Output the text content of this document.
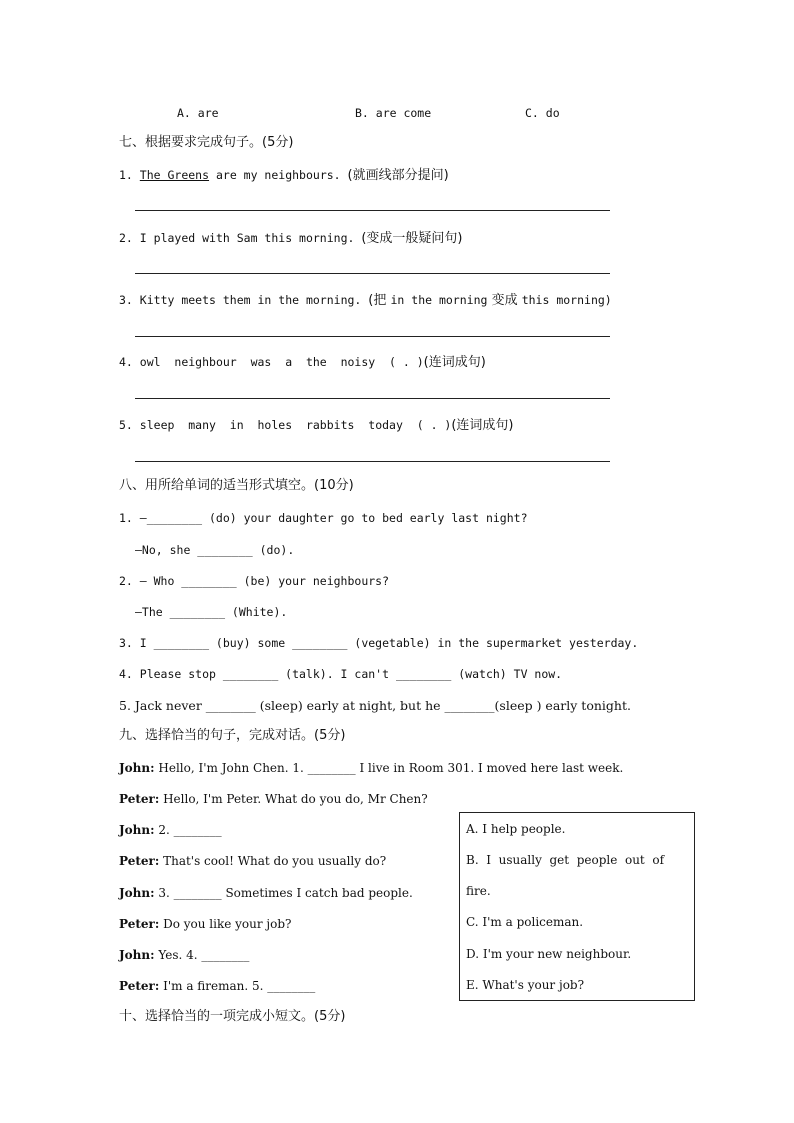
A. are	B. are come	C. do
七、根据要求完成句子。(5分)
1. The Greens are my neighbours. (就画线部分提问)
2. I played with Sam this morning. (变成一般疑问句)
3. Kitty meets them in the morning. (把 in the morning 变成 this morning)
4. owl  neighbour  was  a  the  noisy  ( . )(连词成句)
5. sleep  many  in  holes  rabbits  today  ( . )(连词成句)
八、用所给单词的适当形式填空。(10分)
1. —________ (do) your daughter go to bed early last night?
—No, she ________ (do).
2. — Who ________ (be) your neighbours?
—The ________ (White).
3. I ________ (buy) some ________ (vegetable) in the supermarket yesterday.
4. Please stop ________ (talk). I can't ________ (watch) TV now.
5. Jack never ________ (sleep) early at night, but he ________(sleep ) early tonight.
九、选择恰当的句子，完成对话。(5分)
John: Hello, I'm John Chen. 1. ________ I live in Room 301. I moved here last week.
Peter: Hello, I'm Peter. What do you do, Mr Chen?
John: 2. ________
Peter: That's cool! What do you usually do?
John: 3. ________ Sometimes I catch bad people.
Peter: Do you like your job?
John: Yes. 4. ________
Peter: I'm a fireman. 5. ________
A. I help people.
B.  I  usually  get  people  out  of
fire.
C. I'm a policeman.
D. I'm your new neighbour.
E. What's your job?
十、选择恰当的一项完成小短文。(5分)
